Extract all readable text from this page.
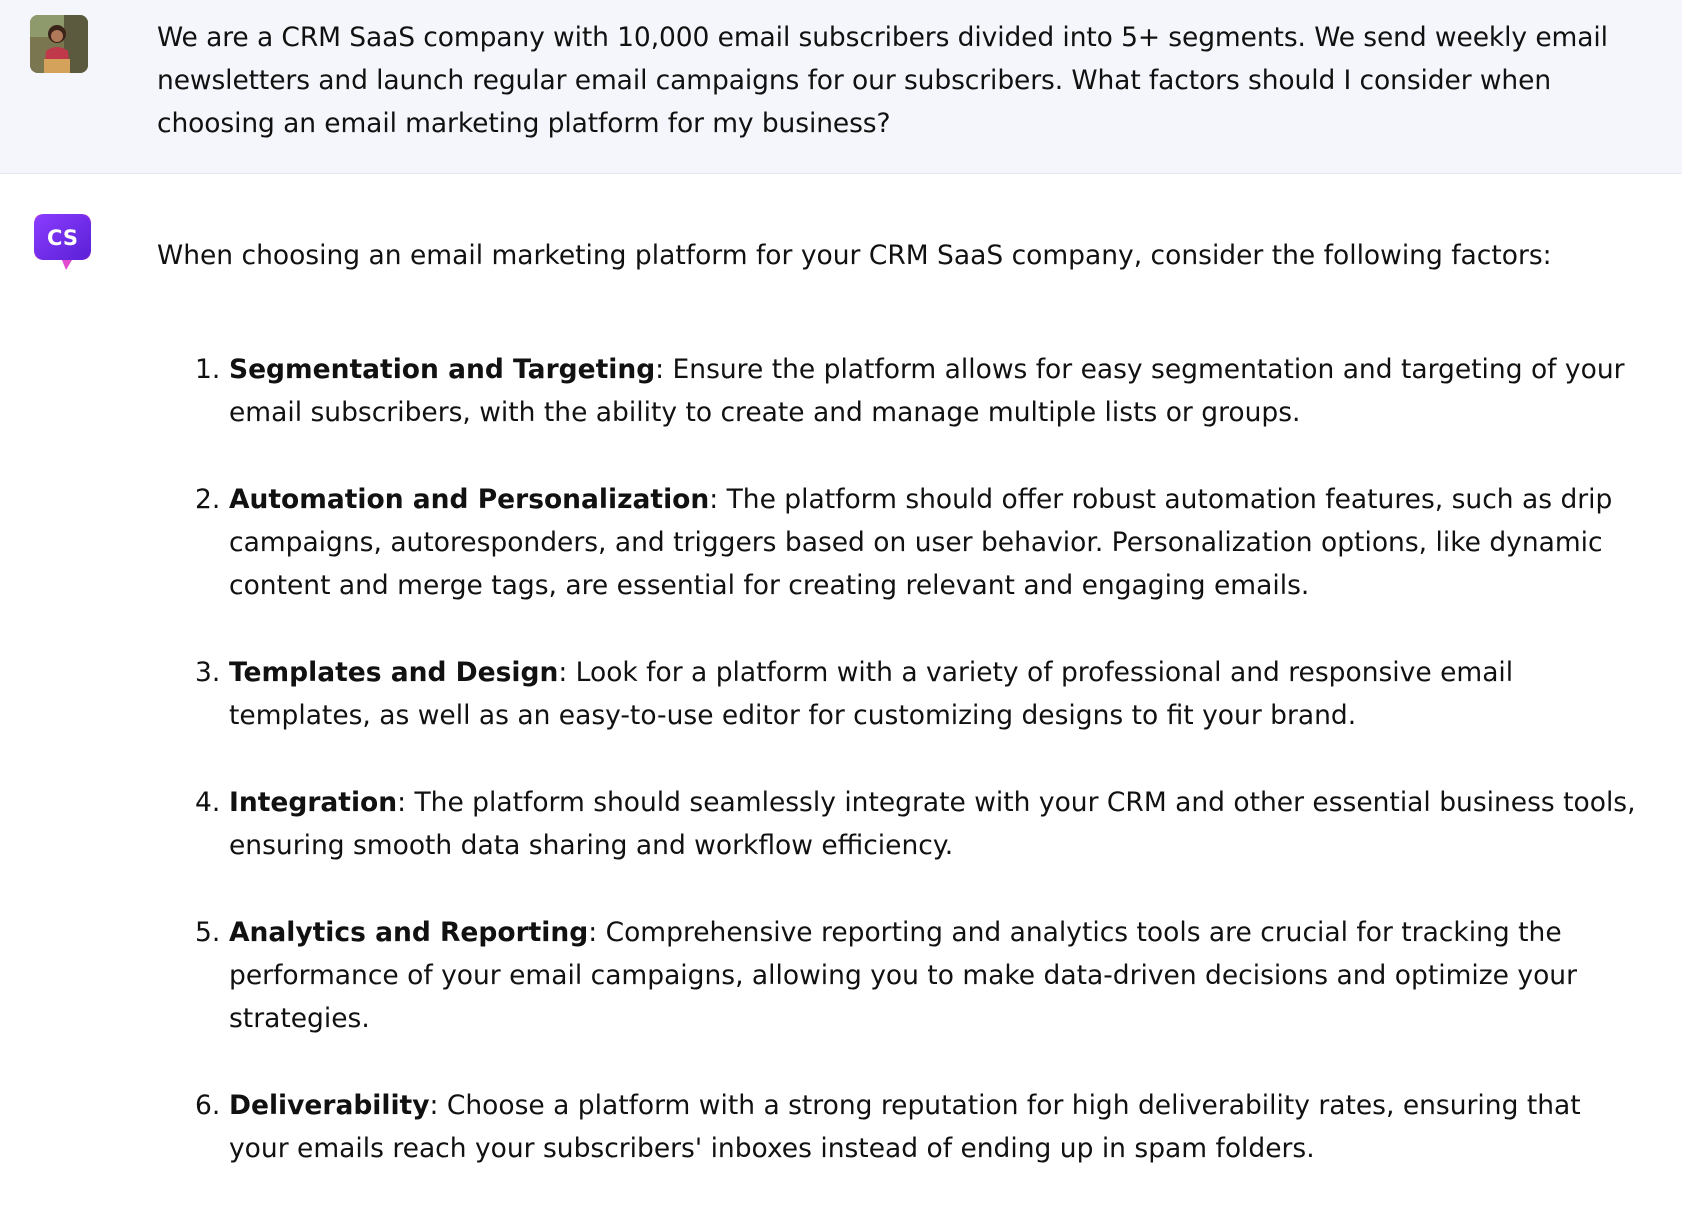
We are a CRM SaaS company with 10,000 email subscribers divided into 5+ segments. We send weekly email newsletters and launch regular email campaigns for our subscribers. What factors should I consider when choosing an email marketing platform for my business?

CS

When choosing an email marketing platform for your CRM SaaS company, consider the following factors:

1. Segmentation and Targeting: Ensure the platform allows for easy segmentation and targeting of your email subscribers, with the ability to create and manage multiple lists or groups.
2. Automation and Personalization: The platform should offer robust automation features, such as drip campaigns, autoresponders, and triggers based on user behavior. Personalization options, like dynamic content and merge tags, are essential for creating relevant and engaging emails.
3. Templates and Design: Look for a platform with a variety of professional and responsive email templates, as well as an easy-to-use editor for customizing designs to fit your brand.
4. Integration: The platform should seamlessly integrate with your CRM and other essential business tools, ensuring smooth data sharing and workflow efficiency.
5. Analytics and Reporting: Comprehensive reporting and analytics tools are crucial for tracking the performance of your email campaigns, allowing you to make data-driven decisions and optimize your strategies.
6. Deliverability: Choose a platform with a strong reputation for high deliverability rates, ensuring that your emails reach your subscribers' inboxes instead of ending up in spam folders.
